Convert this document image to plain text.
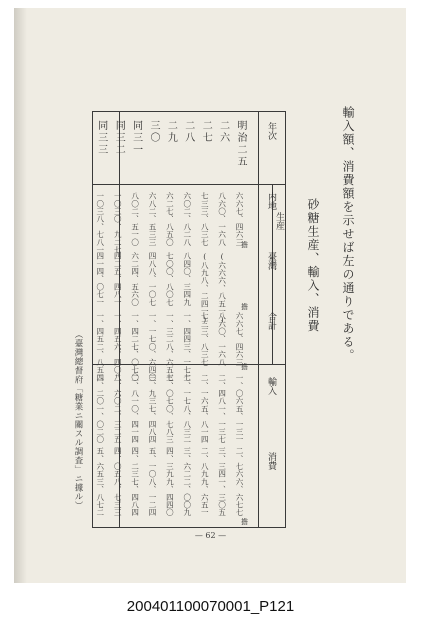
輸入額、消費額を示せば左の通りである。
砂糖生産、輸入、消費
年次
生産
内地
臺灣
合計
輸入
消費
明治二五
六六七、四六三
六六七、四六三
一、〇六五、一三一
二、七六六、六七七
二六
八六〇、一六八
(六六六、八五一)
八六〇、一六八
二、四八一、一三七
三、三四一、三〇五
二七
七三三、八三七
(八九八、二四一)
七三三、八三七
二、一六五、八一四
二、八九九、六五一
二八
六〇二、八二八
八四〇、三四九
一、四四三、一七七
二、一七八、八三二
三、六二二、〇〇九
二九
六二七、八五〇
七〇〇、八〇七
一、三二八、六五七
三、〇七〇、七八三
四、三九九、四四〇
三〇
六八二、五三三
四八八、一〇七
一、一七〇、六四〇
三、九三七、四八四
五、一〇八、一二四
同三一
八〇二、五一〇
六二四、五六〇
一、四二七、〇七〇
二、八一〇、四一四
四、二三七、四八四
同三二
一〇三〇、九二七
四二五、四八一
一、四五六、四〇八
二、六〇二、三二五
四、〇五八、七三三
同三三
一〇三八、七八一
四一四、〇七一
一、四五二、八五二
四、二〇一、〇二〇
五、六五三、八七二
擔
擔
擔
擔
（臺灣總督府「糖業ニ關スル調査」ニ據ル）
— 62 —
200401100070001_P121
